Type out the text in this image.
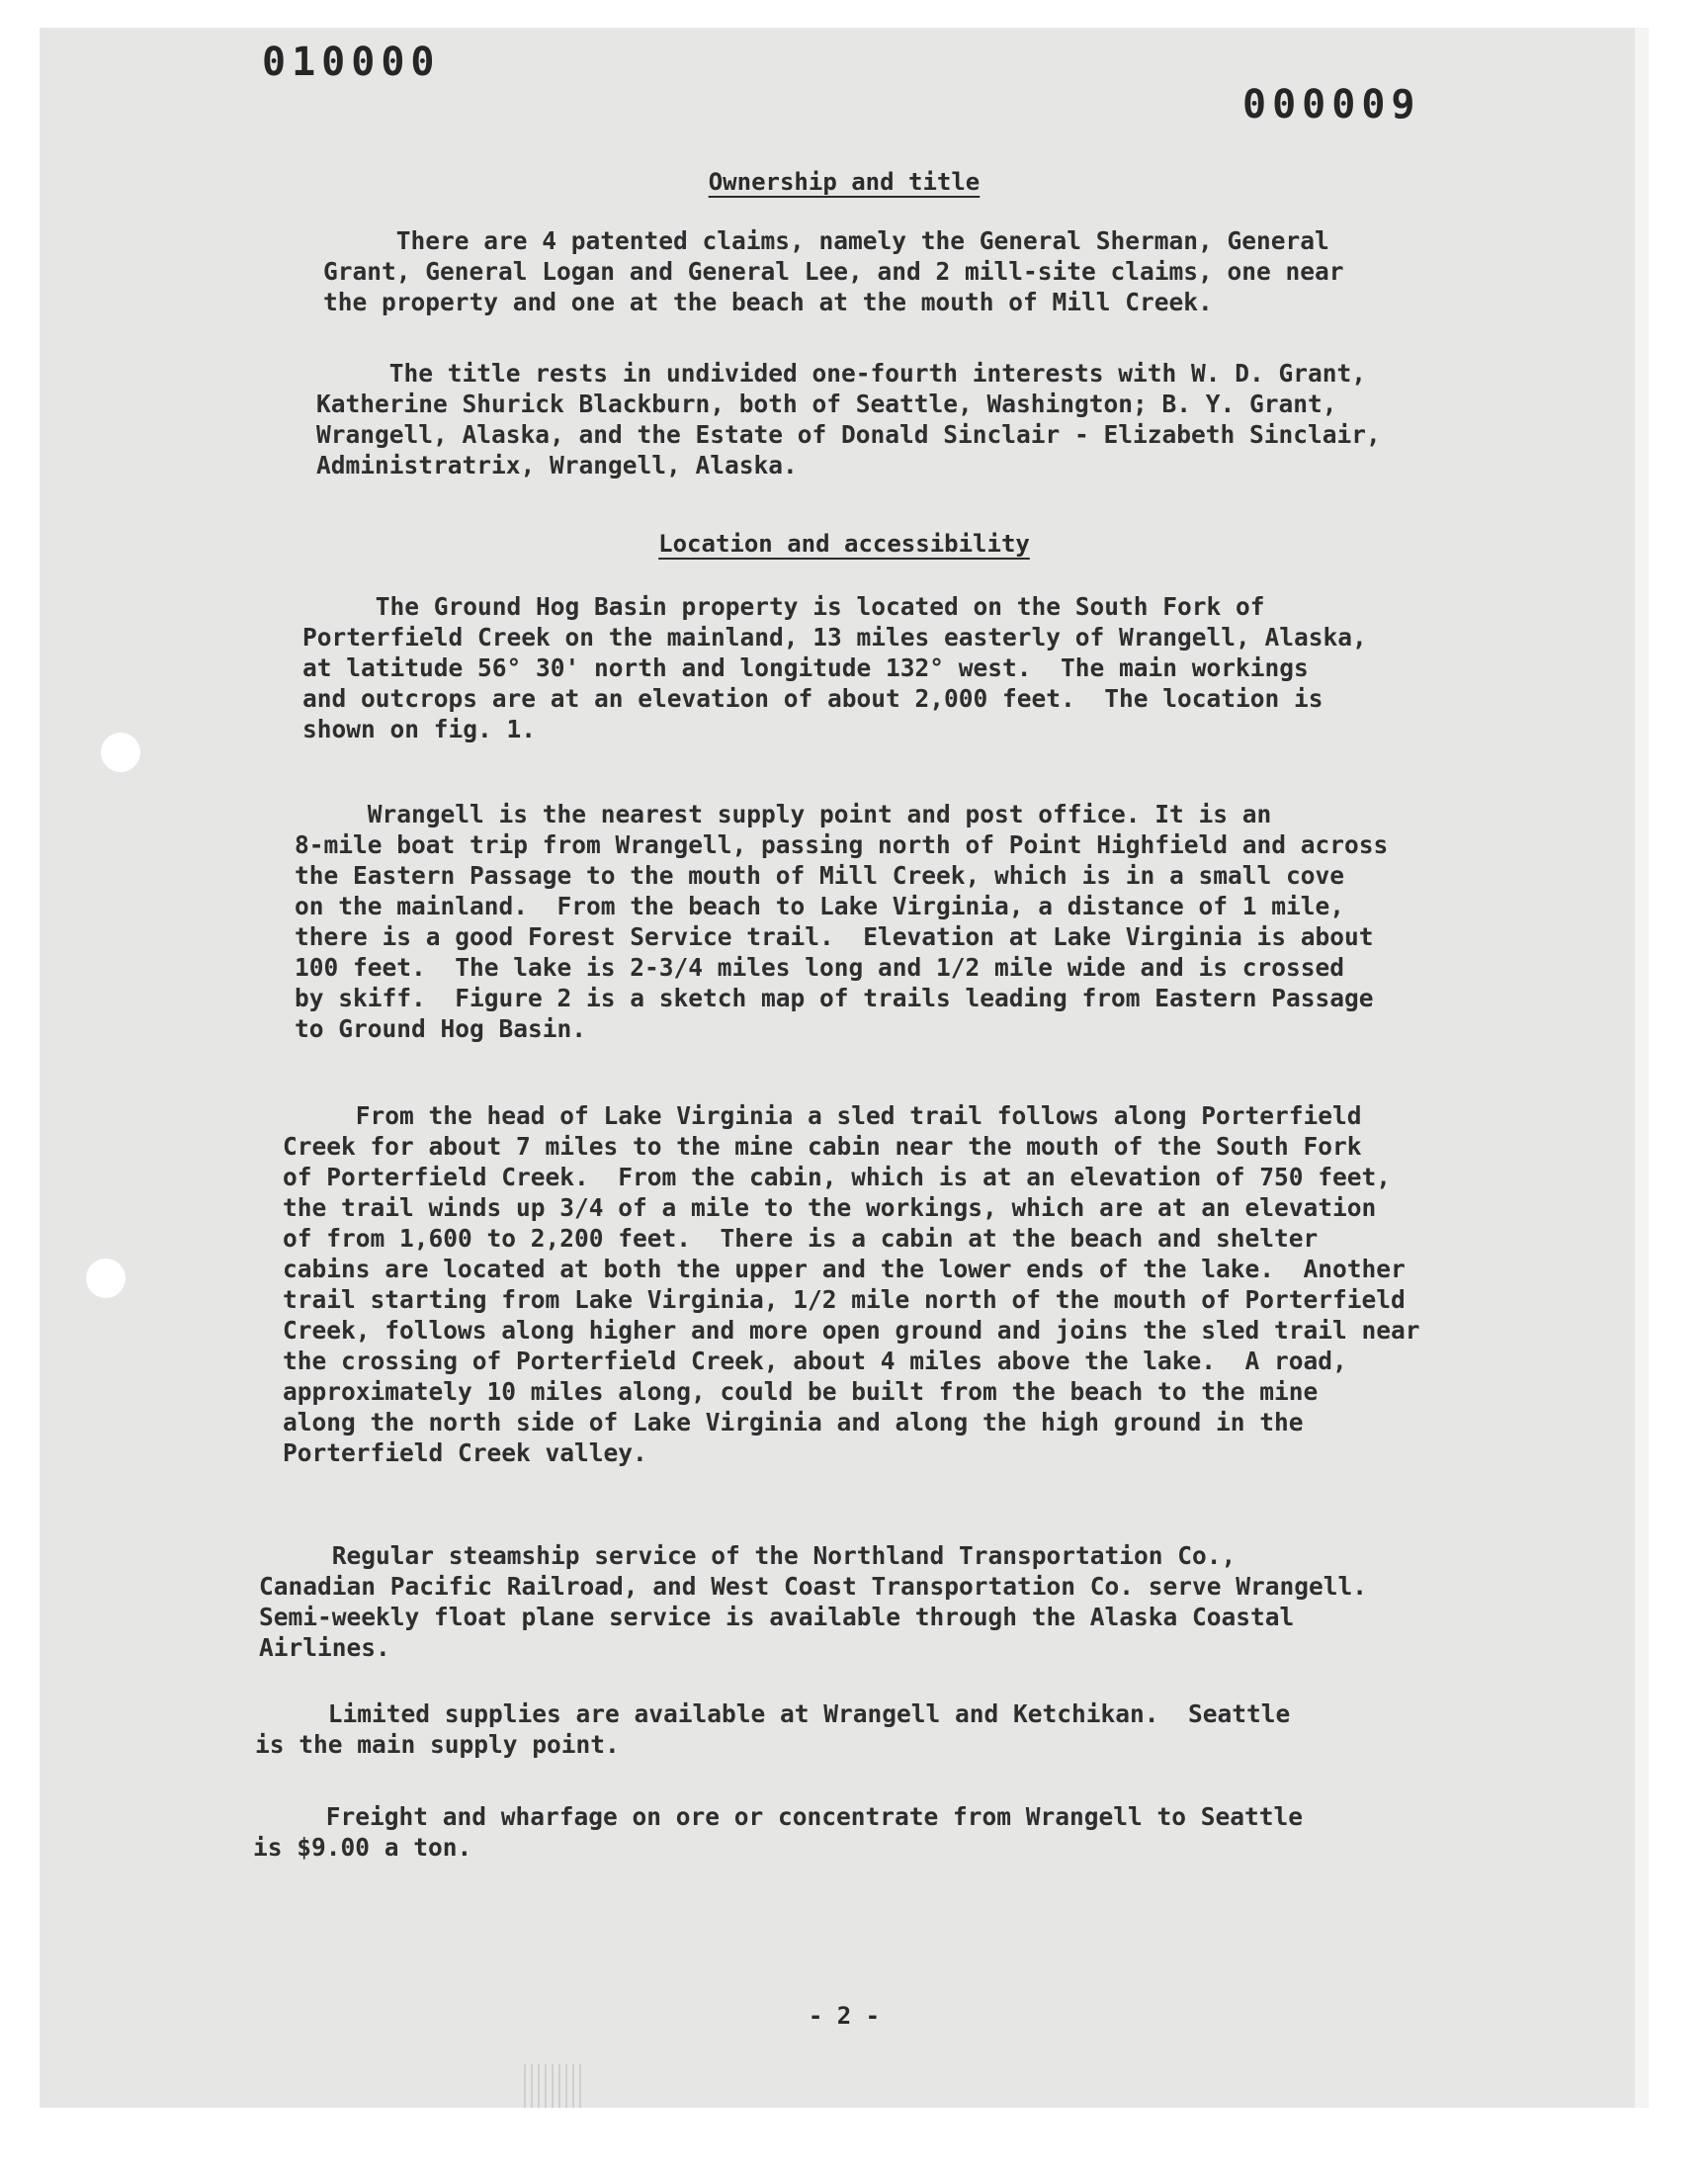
010000
000009
Ownership and title
There are 4 patented claims, namely the General Sherman, General
Grant, General Logan and General Lee, and 2 mill-site claims, one near
the property and one at the beach at the mouth of Mill Creek.
The title rests in undivided one-fourth interests with W. D. Grant,
Katherine Shurick Blackburn, both of Seattle, Washington; B. Y. Grant,
Wrangell, Alaska, and the Estate of Donald Sinclair - Elizabeth Sinclair,
Administratrix, Wrangell, Alaska.
Location and accessibility
The Ground Hog Basin property is located on the South Fork of
Porterfield Creek on the mainland, 13 miles easterly of Wrangell, Alaska,
at latitude 56° 30' north and longitude 132° west.  The main workings
and outcrops are at an elevation of about 2,000 feet.  The location is
shown on fig. 1.
Wrangell is the nearest supply point and post office. It is an
8-mile boat trip from Wrangell, passing north of Point Highfield and across
the Eastern Passage to the mouth of Mill Creek, which is in a small cove
on the mainland.  From the beach to Lake Virginia, a distance of 1 mile,
there is a good Forest Service trail.  Elevation at Lake Virginia is about
100 feet.  The lake is 2-3/4 miles long and 1/2 mile wide and is crossed
by skiff.  Figure 2 is a sketch map of trails leading from Eastern Passage
to Ground Hog Basin.
From the head of Lake Virginia a sled trail follows along Porterfield
Creek for about 7 miles to the mine cabin near the mouth of the South Fork
of Porterfield Creek.  From the cabin, which is at an elevation of 750 feet,
the trail winds up 3/4 of a mile to the workings, which are at an elevation
of from 1,600 to 2,200 feet.  There is a cabin at the beach and shelter
cabins are located at both the upper and the lower ends of the lake.  Another
trail starting from Lake Virginia, 1/2 mile north of the mouth of Porterfield
Creek, follows along higher and more open ground and joins the sled trail near
the crossing of Porterfield Creek, about 4 miles above the lake.  A road,
approximately 10 miles along, could be built from the beach to the mine
along the north side of Lake Virginia and along the high ground in the
Porterfield Creek valley.
Regular steamship service of the Northland Transportation Co.,
Canadian Pacific Railroad, and West Coast Transportation Co. serve Wrangell.
Semi-weekly float plane service is available through the Alaska Coastal
Airlines.
Limited supplies are available at Wrangell and Ketchikan.  Seattle
is the main supply point.
Freight and wharfage on ore or concentrate from Wrangell to Seattle
is $9.00 a ton.
- 2 -
